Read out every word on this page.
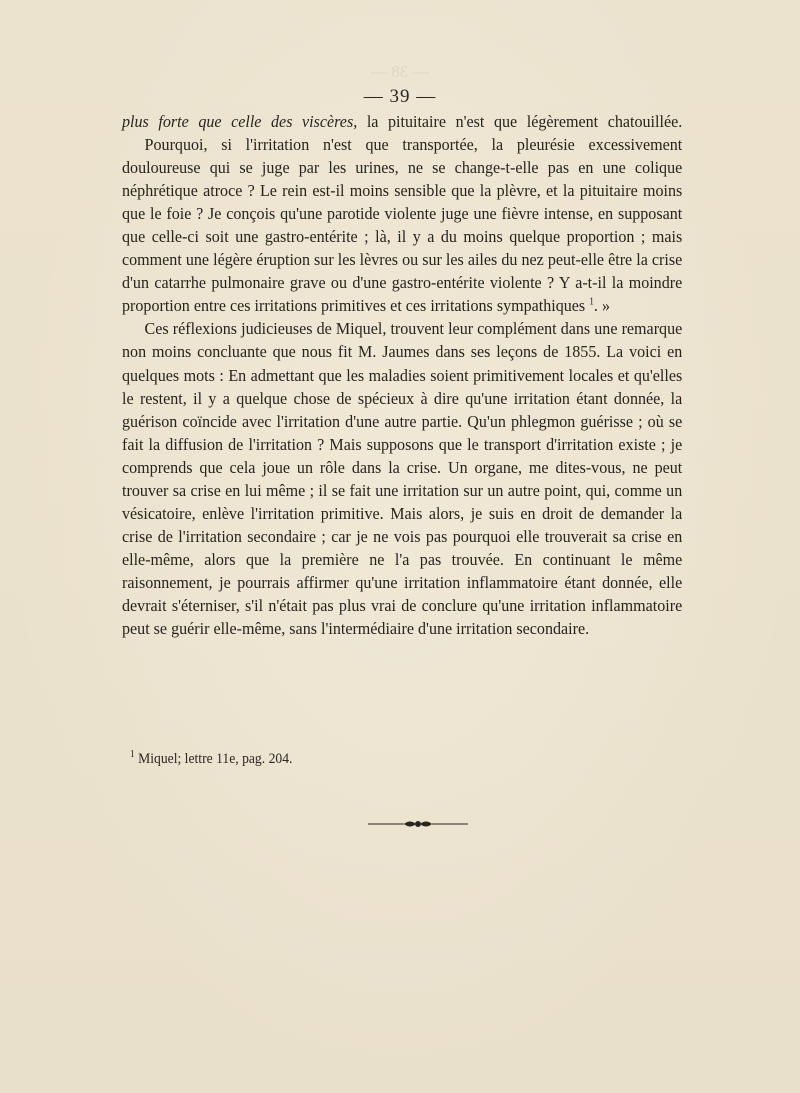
— 38 —
— 39 —

plus forte que celle des viscères, la pituitaire n'est que légèrement chatouillée.

Pourquoi, si l'irritation n'est que transportée, la pleurésie excessivement douloureuse qui se juge par les urines, ne se change-t-elle pas en une colique néphrétique atroce ? Le rein est-il moins sensible que la plèvre, et la pituitaire moins que le foie ? Je conçois qu'une parotide violente juge une fièvre intense, en supposant que celle-ci soit une gastro-entérite ; là, il y a du moins quelque proportion ; mais comment une légère éruption sur les lèvres ou sur les ailes du nez peut-elle être la crise d'un catarrhe pulmonaire grave ou d'une gastro-entérite violente ? Y a-t-il la moindre proportion entre ces irritations primitives et ces irritations sympathiques $^1$. »

Ces réflexions judicieuses de Miquel, trouvent leur complément dans une remarque non moins concluante que nous fit M. Jaumes dans ses leçons de 1855. La voici en quelques mots : En admettant que les maladies soient primitivement locales et qu'elles le restent, il y a quelque chose de spécieux à dire qu'une irritation étant donnée, la guérison coïncide avec l'irritation d'une autre partie. Qu'un phlegmon guérisse ; où se fait la diffusion de l'irritation ? Mais supposons que le transport d'irritation existe ; je comprends que cela joue un rôle dans la crise. Un organe, me dites-vous, ne peut trouver sa crise en lui même ; il se fait une irritation sur un autre point, qui, comme un vésicatoire, enlève l'irritation primitive. Mais alors, je suis en droit de demander la crise de l'irritation secondaire ; car je ne vois pas pourquoi elle trouverait sa crise en elle-même, alors que la première ne l'a pas trouvée. En continuant le même raisonnement, je pourrais affirmer qu'une irritation inflammatoire étant donnée, elle devrait s'éterniser, s'il n'était pas plus vrai de conclure qu'une irritation inflammatoire peut se guérir elle-même, sans l'intermédiaire d'une irritation secondaire.

$^1$ Miquel; lettre 11e, pag. 204.
